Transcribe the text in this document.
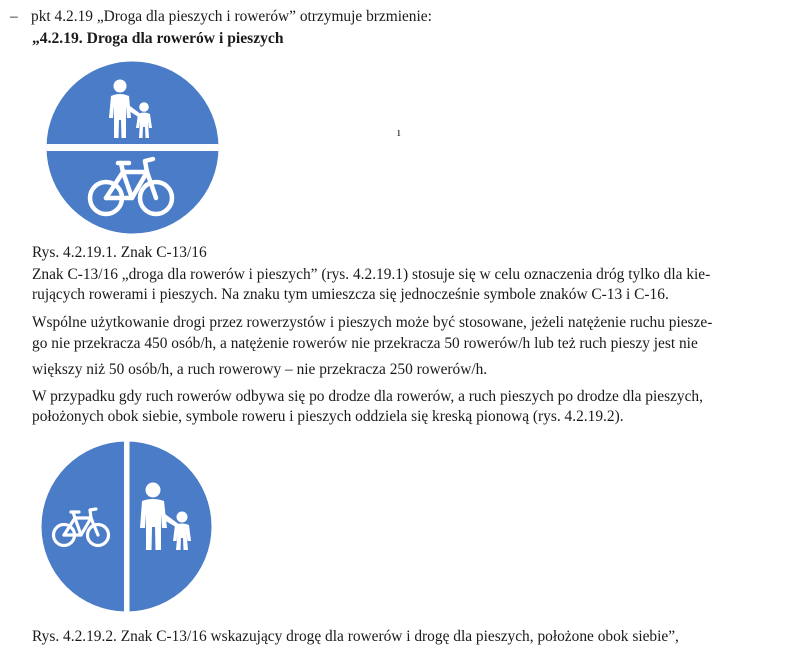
– pkt 4.2.19 „Droga dla pieszych i rowerów” otrzymuje brzmienie:
„4.2.19. Droga dla rowerów i pieszych
ı
Rys. 4.2.19.1. Znak C-13/16
Znak C-13/16 „droga dla rowerów i pieszych” (rys. 4.2.19.1) stosuje się w celu oznaczenia dróg tylko dla kie-
rujących rowerami i pieszych. Na znaku tym umieszcza się jednocześnie symbole znaków C-13 i C-16.
Wspólne użytkowanie drogi przez rowerzystów i pieszych może być stosowane, jeżeli natężenie ruchu piesze-
go nie przekracza 450 osób/h, a natężenie rowerów nie przekracza 50 rowerów/h lub też ruch pieszy jest nie
większy niż 50 osób/h, a ruch rowerowy – nie przekracza 250 rowerów/h.
W przypadku gdy ruch rowerów odbywa się po drodze dla rowerów, a ruch pieszych po drodze dla pieszych,
położonych obok siebie, symbole roweru i pieszych oddziela się kreską pionową (rys. 4.2.19.2).
Rys. 4.2.19.2. Znak C-13/16 wskazujący drogę dla rowerów i drogę dla pieszych, położone obok siebie”,
